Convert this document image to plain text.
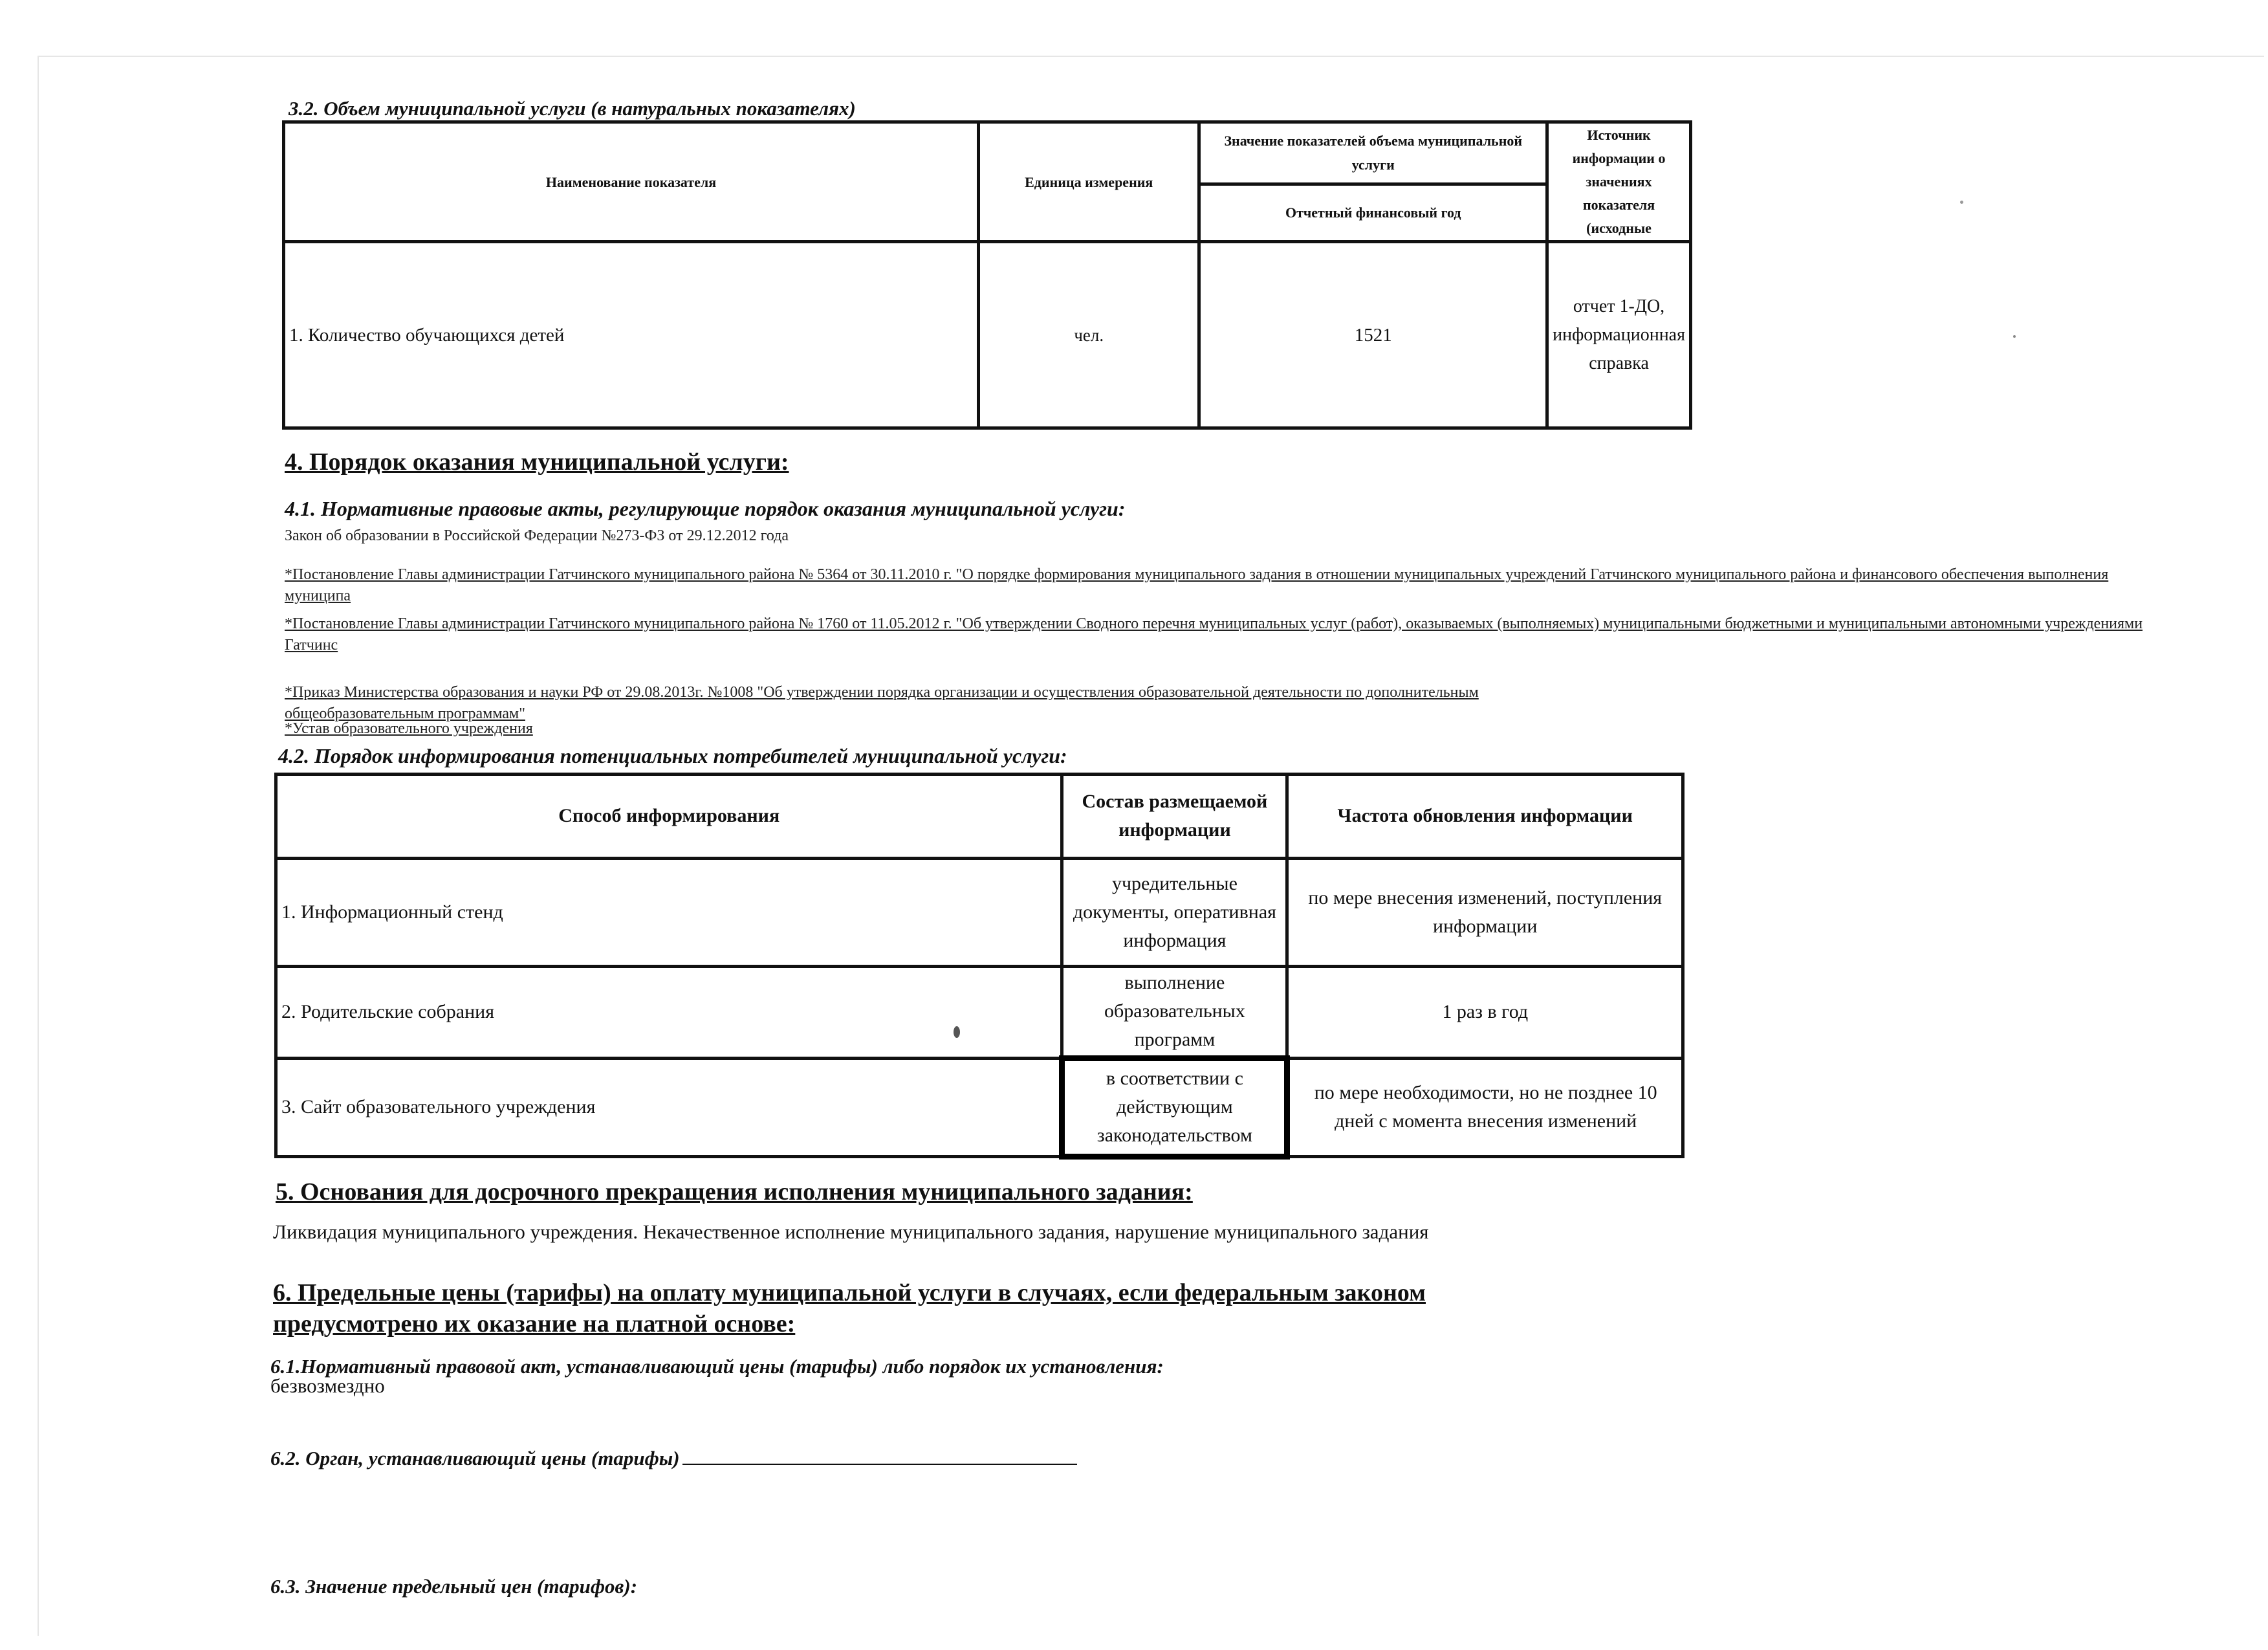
3.2. Объем муниципальной услуги (в натуральных показателях)
Наименование показателя	Единица измерения	Значение показателей объема муниципальной услуги	Источник информации о значениях показателя (исходные
		Отчетный финансовый год	
1. Количество обучающихся детей	чел.	1521	отчет 1-ДО, информационная справка
4. Порядок оказания муниципальной услуги:
4.1. Нормативные правовые акты, регулирующие порядок оказания муниципальной услуги:
Закон об образовании в Российской Федерации №273-ФЗ от 29.12.2012 года
*Постановление Главы администрации Гатчинского муниципального района № 5364 от 30.11.2010 г. "О порядке формирования муниципального задания в отношении муниципальных учреждений Гатчинского муниципального района и финансового обеспечения выполнения муниципа
*Постановление Главы администрации Гатчинского муниципального района № 1760 от 11.05.2012 г. "Об утверждении Сводного перечня муниципальных услуг (работ), оказываемых (выполняемых) муниципальными бюджетными и муниципальными автономными учреждениями Гатчинс
*Приказ Министерства образования и науки РФ от 29.08.2013г. №1008 "Об утверждении порядка организации и осуществления образовательной деятельности по дополнительным общеобразовательным программам"
*Устав образовательного учреждения
4.2. Порядок информирования потенциальных потребителей муниципальной услуги:
Способ информирования	Состав размещаемой информации	Частота обновления информации
1. Информационный стенд	учредительные документы, оперативная информация	по мере внесения изменений, поступления информации
2. Родительские собрания	выполнение образовательных программ	1 раз в год
3. Сайт образовательного учреждения	в соответствии с действующим законодательством	по мере необходимости, но не позднее 10 дней с момента внесения изменений
5. Основания для досрочного прекращения исполнения муниципального задания:
Ликвидация муниципального учреждения. Некачественное исполнение муниципального задания, нарушение муниципального задания
6. Предельные цены (тарифы) на оплату муниципальной услуги в случаях, если федеральным законом
предусмотрено их оказание на платной основе:
6.1.Нормативный правовой акт, устанавливающий цены (тарифы) либо порядок их установления:
безвозмездно
6.2. Орган, устанавливающий цены (тарифы)
6.3. Значение предельный цен (тарифов):
